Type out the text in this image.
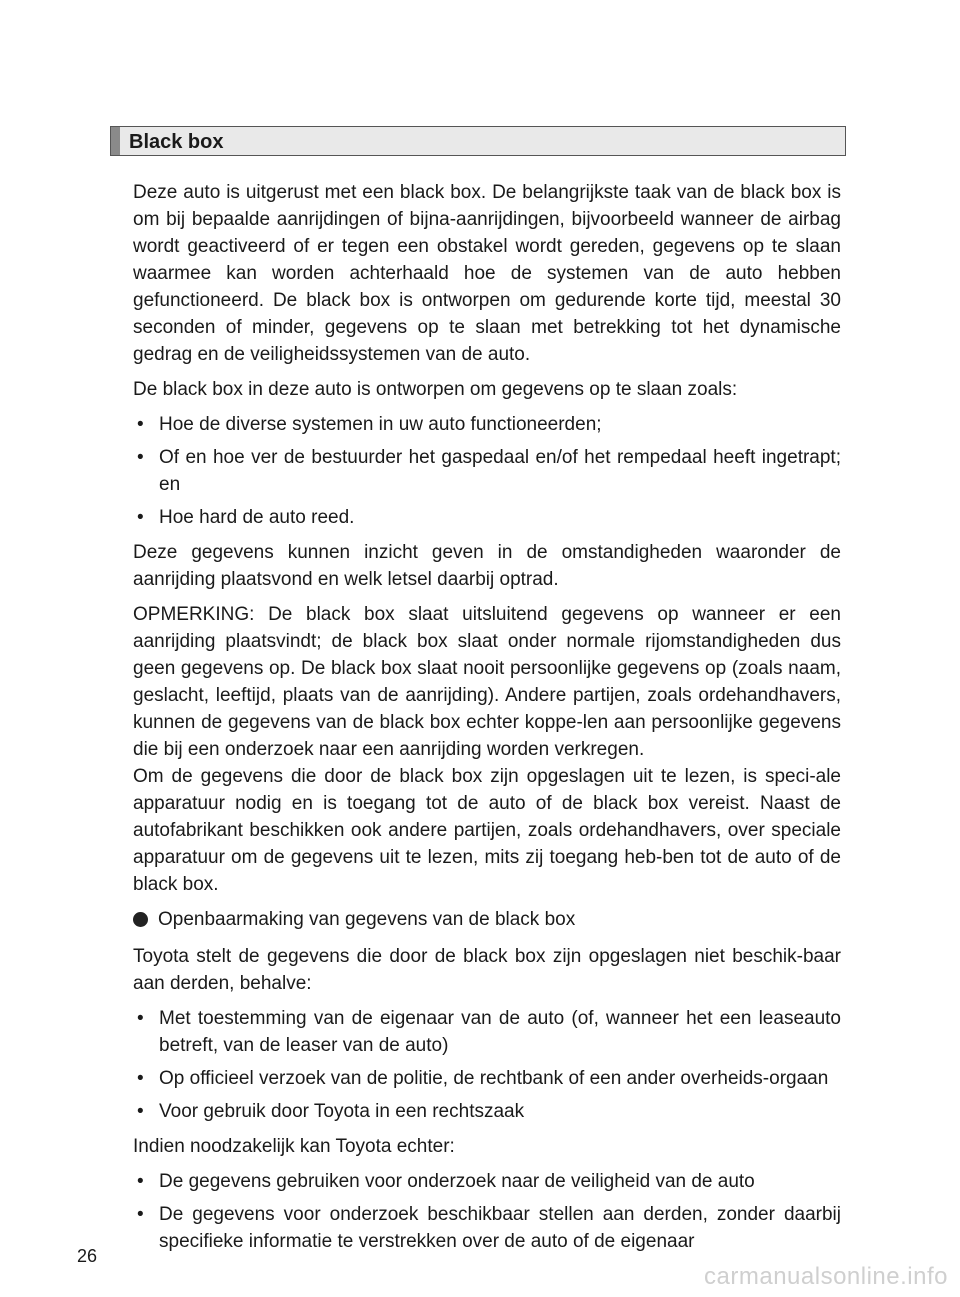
Black box

Deze auto is uitgerust met een black box. De belangrijkste taak van de black box is om bij bepaalde aanrijdingen of bijna-aanrijdingen, bijvoorbeeld wanneer de airbag wordt geactiveerd of er tegen een obstakel wordt gereden, gegevens op te slaan waarmee kan worden achterhaald hoe de systemen van de auto hebben gefunctioneerd. De black box is ontworpen om gedurende korte tijd, meestal 30 seconden of minder, gegevens op te slaan met betrekking tot het dynamische gedrag en de veiligheidssystemen van de auto.

De black box in deze auto is ontworpen om gegevens op te slaan zoals:

• Hoe de diverse systemen in uw auto functioneerden;
• Of en hoe ver de bestuurder het gaspedaal en/of het rempedaal heeft ingetrapt; en
• Hoe hard de auto reed.

Deze gegevens kunnen inzicht geven in de omstandigheden waaronder de aanrijding plaatsvond en welk letsel daarbij optrad.

OPMERKING: De black box slaat uitsluitend gegevens op wanneer er een aanrijding plaatsvindt; de black box slaat onder normale rijomstandigheden dus geen gegevens op. De black box slaat nooit persoonlijke gegevens op (zoals naam, geslacht, leeftijd, plaats van de aanrijding). Andere partijen, zoals ordehandhavers, kunnen de gegevens van de black box echter koppe-len aan persoonlijke gegevens die bij een onderzoek naar een aanrijding worden verkregen.

Om de gegevens die door de black box zijn opgeslagen uit te lezen, is speci-ale apparatuur nodig en is toegang tot de auto of de black box vereist. Naast de autofabrikant beschikken ook andere partijen, zoals ordehandhavers, over speciale apparatuur om de gegevens uit te lezen, mits zij toegang heb-ben tot de auto of de black box.

Openbaarmaking van gegevens van de black box

Toyota stelt de gegevens die door de black box zijn opgeslagen niet beschik-baar aan derden, behalve:

• Met toestemming van de eigenaar van de auto (of, wanneer het een leaseauto betreft, van de leaser van de auto)
• Op officieel verzoek van de politie, de rechtbank of een ander overheids-orgaan
• Voor gebruik door Toyota in een rechtszaak

Indien noodzakelijk kan Toyota echter:

• De gegevens gebruiken voor onderzoek naar de veiligheid van de auto
• De gegevens voor onderzoek beschikbaar stellen aan derden, zonder daarbij specifieke informatie te verstrekken over de auto of de eigenaar
26
carmanualsonline.info
